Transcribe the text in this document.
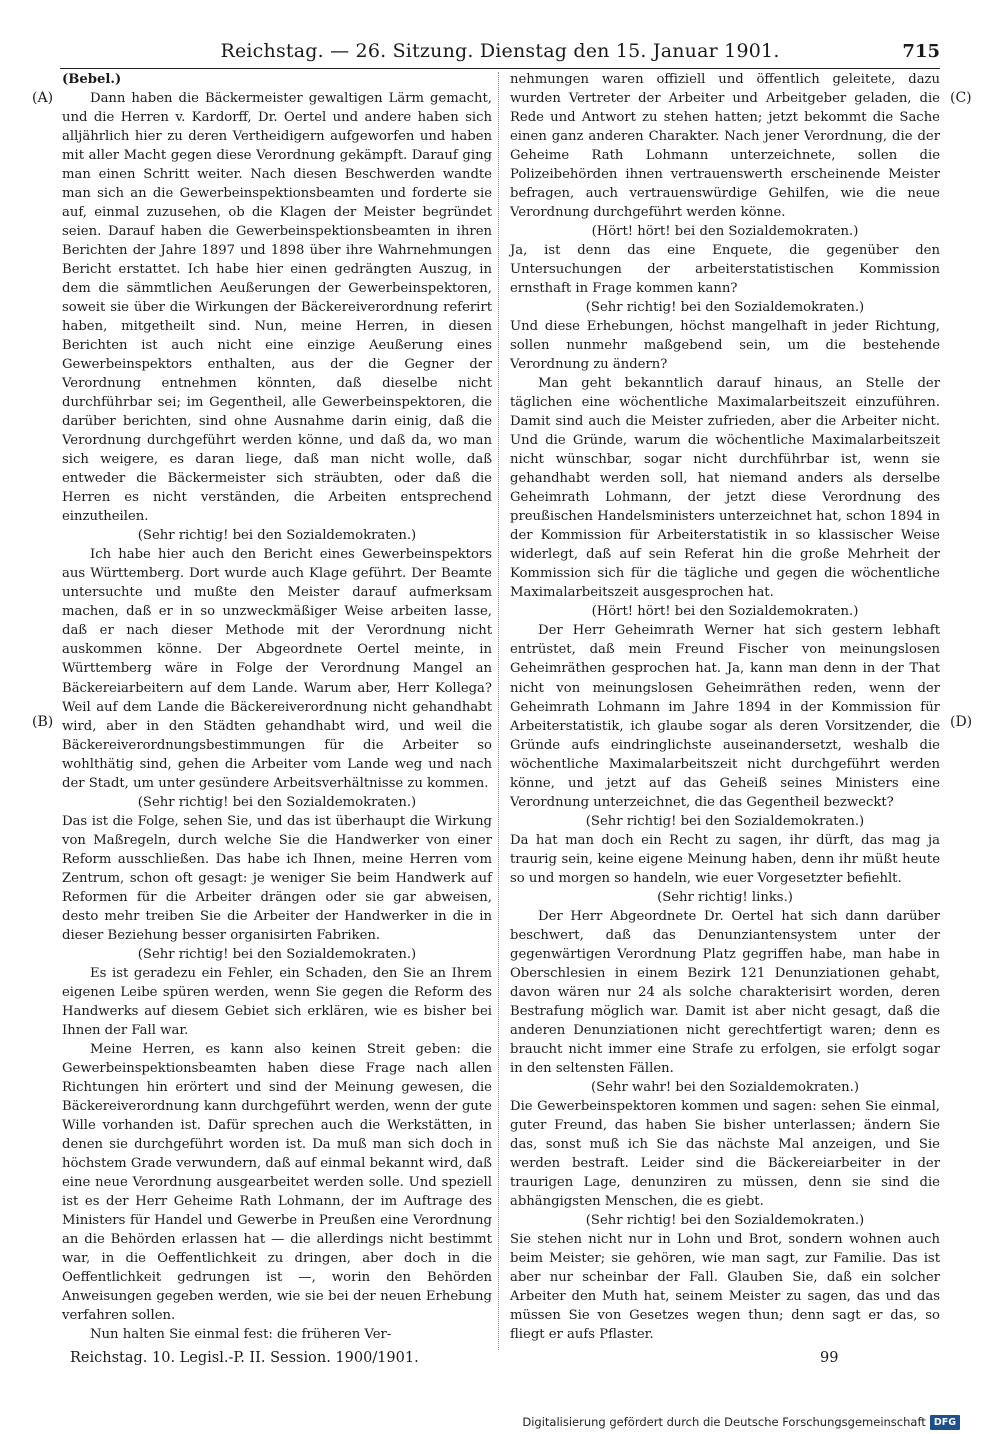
Reichstag. — 26. Sitzung. Dienstag den 15. Januar 1901.	715
(A)
(B)
(C)
(D)

(Bebel.)

Dann haben die Bäckermeister gewaltigen Lärm gemacht, und die Herren v. Kardorff, Dr. Oertel und andere haben sich alljährlich hier zu deren Vertheidigern aufgeworfen und haben mit aller Macht gegen diese Verordnung gekämpft. Darauf ging man einen Schritt weiter. Nach diesen Beschwerden wandte man sich an die Gewerbeinspektionsbeamten und forderte sie auf, einmal zuzusehen, ob die Klagen der Meister begründet seien. Darauf haben die Gewerbeinspektionsbeamten in ihren Berichten der Jahre 1897 und 1898 über ihre Wahrnehmungen Bericht erstattet. Ich habe hier einen gedrängten Auszug, in dem die sämmtlichen Aeußerungen der Gewerbeinspektoren, soweit sie über die Wirkungen der Bäckereiverordnung referirt haben, mitgetheilt sind. Nun, meine Herren, in diesen Berichten ist auch nicht eine einzige Aeußerung eines Gewerbeinspektors enthalten, aus der die Gegner der Verordnung entnehmen könnten, daß dieselbe nicht durchführbar sei; im Gegentheil, alle Gewerbeinspektoren, die darüber berichten, sind ohne Ausnahme darin einig, daß die Verordnung durchgeführt werden könne, und daß da, wo man sich weigere, es daran liege, daß man nicht wolle, daß entweder die Bäckermeister sich sträubten, oder daß die Herren es nicht verständen, die Arbeiten entsprechend einzutheilen.

(Sehr richtig! bei den Sozialdemokraten.)

Ich habe hier auch den Bericht eines Gewerbeinspektors aus Württemberg. Dort wurde auch Klage geführt. Der Beamte untersuchte und mußte den Meister darauf aufmerksam machen, daß er in so unzweckmäßiger Weise arbeiten lasse, daß er nach dieser Methode mit der Verordnung nicht auskommen könne. Der Abgeordnete Oertel meinte, in Württemberg wäre in Folge der Verordnung Mangel an Bäckereiarbeitern auf dem Lande. Warum aber, Herr Kollega? Weil auf dem Lande die Bäckereiverordnung nicht gehandhabt wird, aber in den Städten gehandhabt wird, und weil die Bäckereiverordnungsbestimmungen für die Arbeiter so wohlthätig sind, gehen die Arbeiter vom Lande weg und nach der Stadt, um unter gesündere Arbeitsverhältnisse zu kommen.

(Sehr richtig! bei den Sozialdemokraten.)

Das ist die Folge, sehen Sie, und das ist überhaupt die Wirkung von Maßregeln, durch welche Sie die Handwerker von einer Reform ausschließen. Das habe ich Ihnen, meine Herren vom Zentrum, schon oft gesagt: je weniger Sie beim Handwerk auf Reformen für die Arbeiter drängen oder sie gar abweisen, desto mehr treiben Sie die Arbeiter der Handwerker in die in dieser Beziehung besser organisirten Fabriken.

(Sehr richtig! bei den Sozialdemokraten.)

Es ist geradezu ein Fehler, ein Schaden, den Sie an Ihrem eigenen Leibe spüren werden, wenn Sie gegen die Reform des Handwerks auf diesem Gebiet sich erklären, wie es bisher bei Ihnen der Fall war.

Meine Herren, es kann also keinen Streit geben: die Gewerbeinspektionsbeamten haben diese Frage nach allen Richtungen hin erörtert und sind der Meinung gewesen, die Bäckereiverordnung kann durchgeführt werden, wenn der gute Wille vorhanden ist. Dafür sprechen auch die Werkstätten, in denen sie durchgeführt worden ist. Da muß man sich doch in höchstem Grade verwundern, daß auf einmal bekannt wird, daß eine neue Verordnung ausgearbeitet werden solle. Und speziell ist es der Herr Geheime Rath Lohmann, der im Auftrage des Ministers für Handel und Gewerbe in Preußen eine Verordnung an die Behörden erlassen hat — die allerdings nicht bestimmt war, in die Oeffentlichkeit zu dringen, aber doch in die Oeffentlichkeit gedrungen ist —, worin den Behörden Anweisungen gegeben werden, wie sie bei der neuen Erhebung verfahren sollen.

Nun halten Sie einmal fest: die früheren Ver-

nehmungen waren offiziell und öffentlich geleitete, dazu wurden Vertreter der Arbeiter und Arbeitgeber geladen, die Rede und Antwort zu stehen hatten; jetzt bekommt die Sache einen ganz anderen Charakter. Nach jener Verordnung, die der Geheime Rath Lohmann unterzeichnete, sollen die Polizeibehörden ihnen vertrauenswerth erscheinende Meister befragen, auch vertrauenswürdige Gehilfen, wie die neue Verordnung durchgeführt werden könne.

(Hört! hört! bei den Sozialdemokraten.)

Ja, ist denn das eine Enquete, die gegenüber den Untersuchungen der arbeiterstatistischen Kommission ernsthaft in Frage kommen kann?

(Sehr richtig! bei den Sozialdemokraten.)

Und diese Erhebungen, höchst mangelhaft in jeder Richtung, sollen nunmehr maßgebend sein, um die bestehende Verordnung zu ändern?

Man geht bekanntlich darauf hinaus, an Stelle der täglichen eine wöchentliche Maximalarbeitszeit einzuführen. Damit sind auch die Meister zufrieden, aber die Arbeiter nicht. Und die Gründe, warum die wöchentliche Maximalarbeitszeit nicht wünschbar, sogar nicht durchführbar ist, wenn sie gehandhabt werden soll, hat niemand anders als derselbe Geheimrath Lohmann, der jetzt diese Verordnung des preußischen Handelsministers unterzeichnet hat, schon 1894 in der Kommission für Arbeiterstatistik in so klassischer Weise widerlegt, daß auf sein Referat hin die große Mehrheit der Kommission sich für die tägliche und gegen die wöchentliche Maximalarbeitszeit ausgesprochen hat.

(Hört! hört! bei den Sozialdemokraten.)

Der Herr Geheimrath Werner hat sich gestern lebhaft entrüstet, daß mein Freund Fischer von meinungslosen Geheimräthen gesprochen hat. Ja, kann man denn in der That nicht von meinungslosen Geheimräthen reden, wenn der Geheimrath Lohmann im Jahre 1894 in der Kommission für Arbeiterstatistik, ich glaube sogar als deren Vorsitzender, die Gründe aufs eindringlichste auseinandersetzt, weshalb die wöchentliche Maximalarbeitszeit nicht durchgeführt werden könne, und jetzt auf das Geheiß seines Ministers eine Verordnung unterzeichnet, die das Gegentheil bezweckt?

(Sehr richtig! bei den Sozialdemokraten.)

Da hat man doch ein Recht zu sagen, ihr dürft, das mag ja traurig sein, keine eigene Meinung haben, denn ihr müßt heute so und morgen so handeln, wie euer Vorgesetzter befiehlt.

(Sehr richtig! links.)

Der Herr Abgeordnete Dr. Oertel hat sich dann darüber beschwert, daß das Denunziantensystem unter der gegenwärtigen Verordnung Platz gegriffen habe, man habe in Oberschlesien in einem Bezirk 121 Denunziationen gehabt, davon wären nur 24 als solche charakterisirt worden, deren Bestrafung möglich war. Damit ist aber nicht gesagt, daß die anderen Denunziationen nicht gerechtfertigt waren; denn es braucht nicht immer eine Strafe zu erfolgen, sie erfolgt sogar in den seltensten Fällen.

(Sehr wahr! bei den Sozialdemokraten.)

Die Gewerbeinspektoren kommen und sagen: sehen Sie einmal, guter Freund, das haben Sie bisher unterlassen; ändern Sie das, sonst muß ich Sie das nächste Mal anzeigen, und Sie werden bestraft. Leider sind die Bäckereiarbeiter in der traurigen Lage, denunziren zu müssen, denn sie sind die abhängigsten Menschen, die es giebt.

(Sehr richtig! bei den Sozialdemokraten.)

Sie stehen nicht nur in Lohn und Brot, sondern wohnen auch beim Meister; sie gehören, wie man sagt, zur Familie. Das ist aber nur scheinbar der Fall. Glauben Sie, daß ein solcher Arbeiter den Muth hat, seinem Meister zu sagen, das und das müssen Sie von Gesetzes wegen thun; denn sagt er das, so fliegt er aufs Pflaster.

Reichstag. 10. Legisl.-P. II. Session. 1900/1901.	99
Digitalisierung gefördert durch die Deutsche Forschungsgemeinschaft DFG
